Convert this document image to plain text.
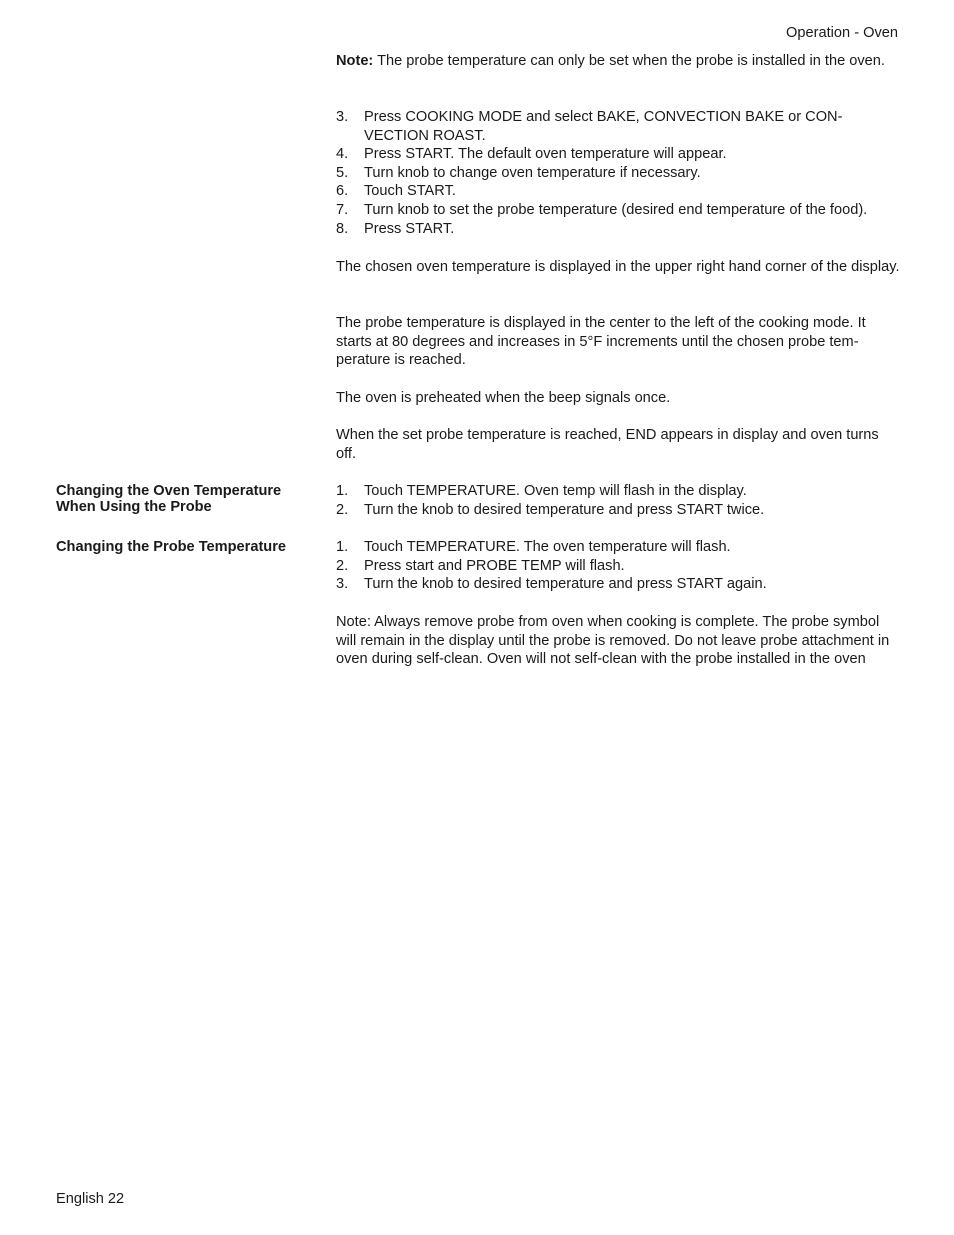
Operation - Oven

Note: The probe temperature can only be set when the probe is installed in the oven.

3.	Press COOKING MODE and select BAKE, CONVECTION BAKE or CON-VECTION ROAST.
4.	Press START. The default oven temperature will appear.
5.	Turn knob to change oven temperature if necessary.
6.	Touch START.
7.	Turn knob to set the probe temperature (desired end temperature of the food).
8.	Press START.

The chosen oven temperature is displayed in the upper right hand corner of the display.

The probe temperature is displayed in the center to the left of the cooking mode. It starts at 80 degrees and increases in 5°F increments until the chosen probe tem-perature is reached.

The oven is preheated when the beep signals once.

When the set probe temperature is reached, END appears in display and oven turns off.

Changing the Oven Temperature
When Using the Probe
1.	Touch TEMPERATURE. Oven temp will flash in the display.
2.	Turn the knob to desired temperature and press START twice.
Changing the Probe Temperature	1.	Touch TEMPERATURE. The oven temperature will flash.
2.	Press start and PROBE TEMP will flash.
3.	Turn the knob to desired temperature and press START again.

Note: Always remove probe from oven when cooking is complete. The probe symbol will remain in the display until the probe is removed. Do not leave probe attachment in oven during self-clean. Oven will not self-clean with the probe installed in the oven

English 22
